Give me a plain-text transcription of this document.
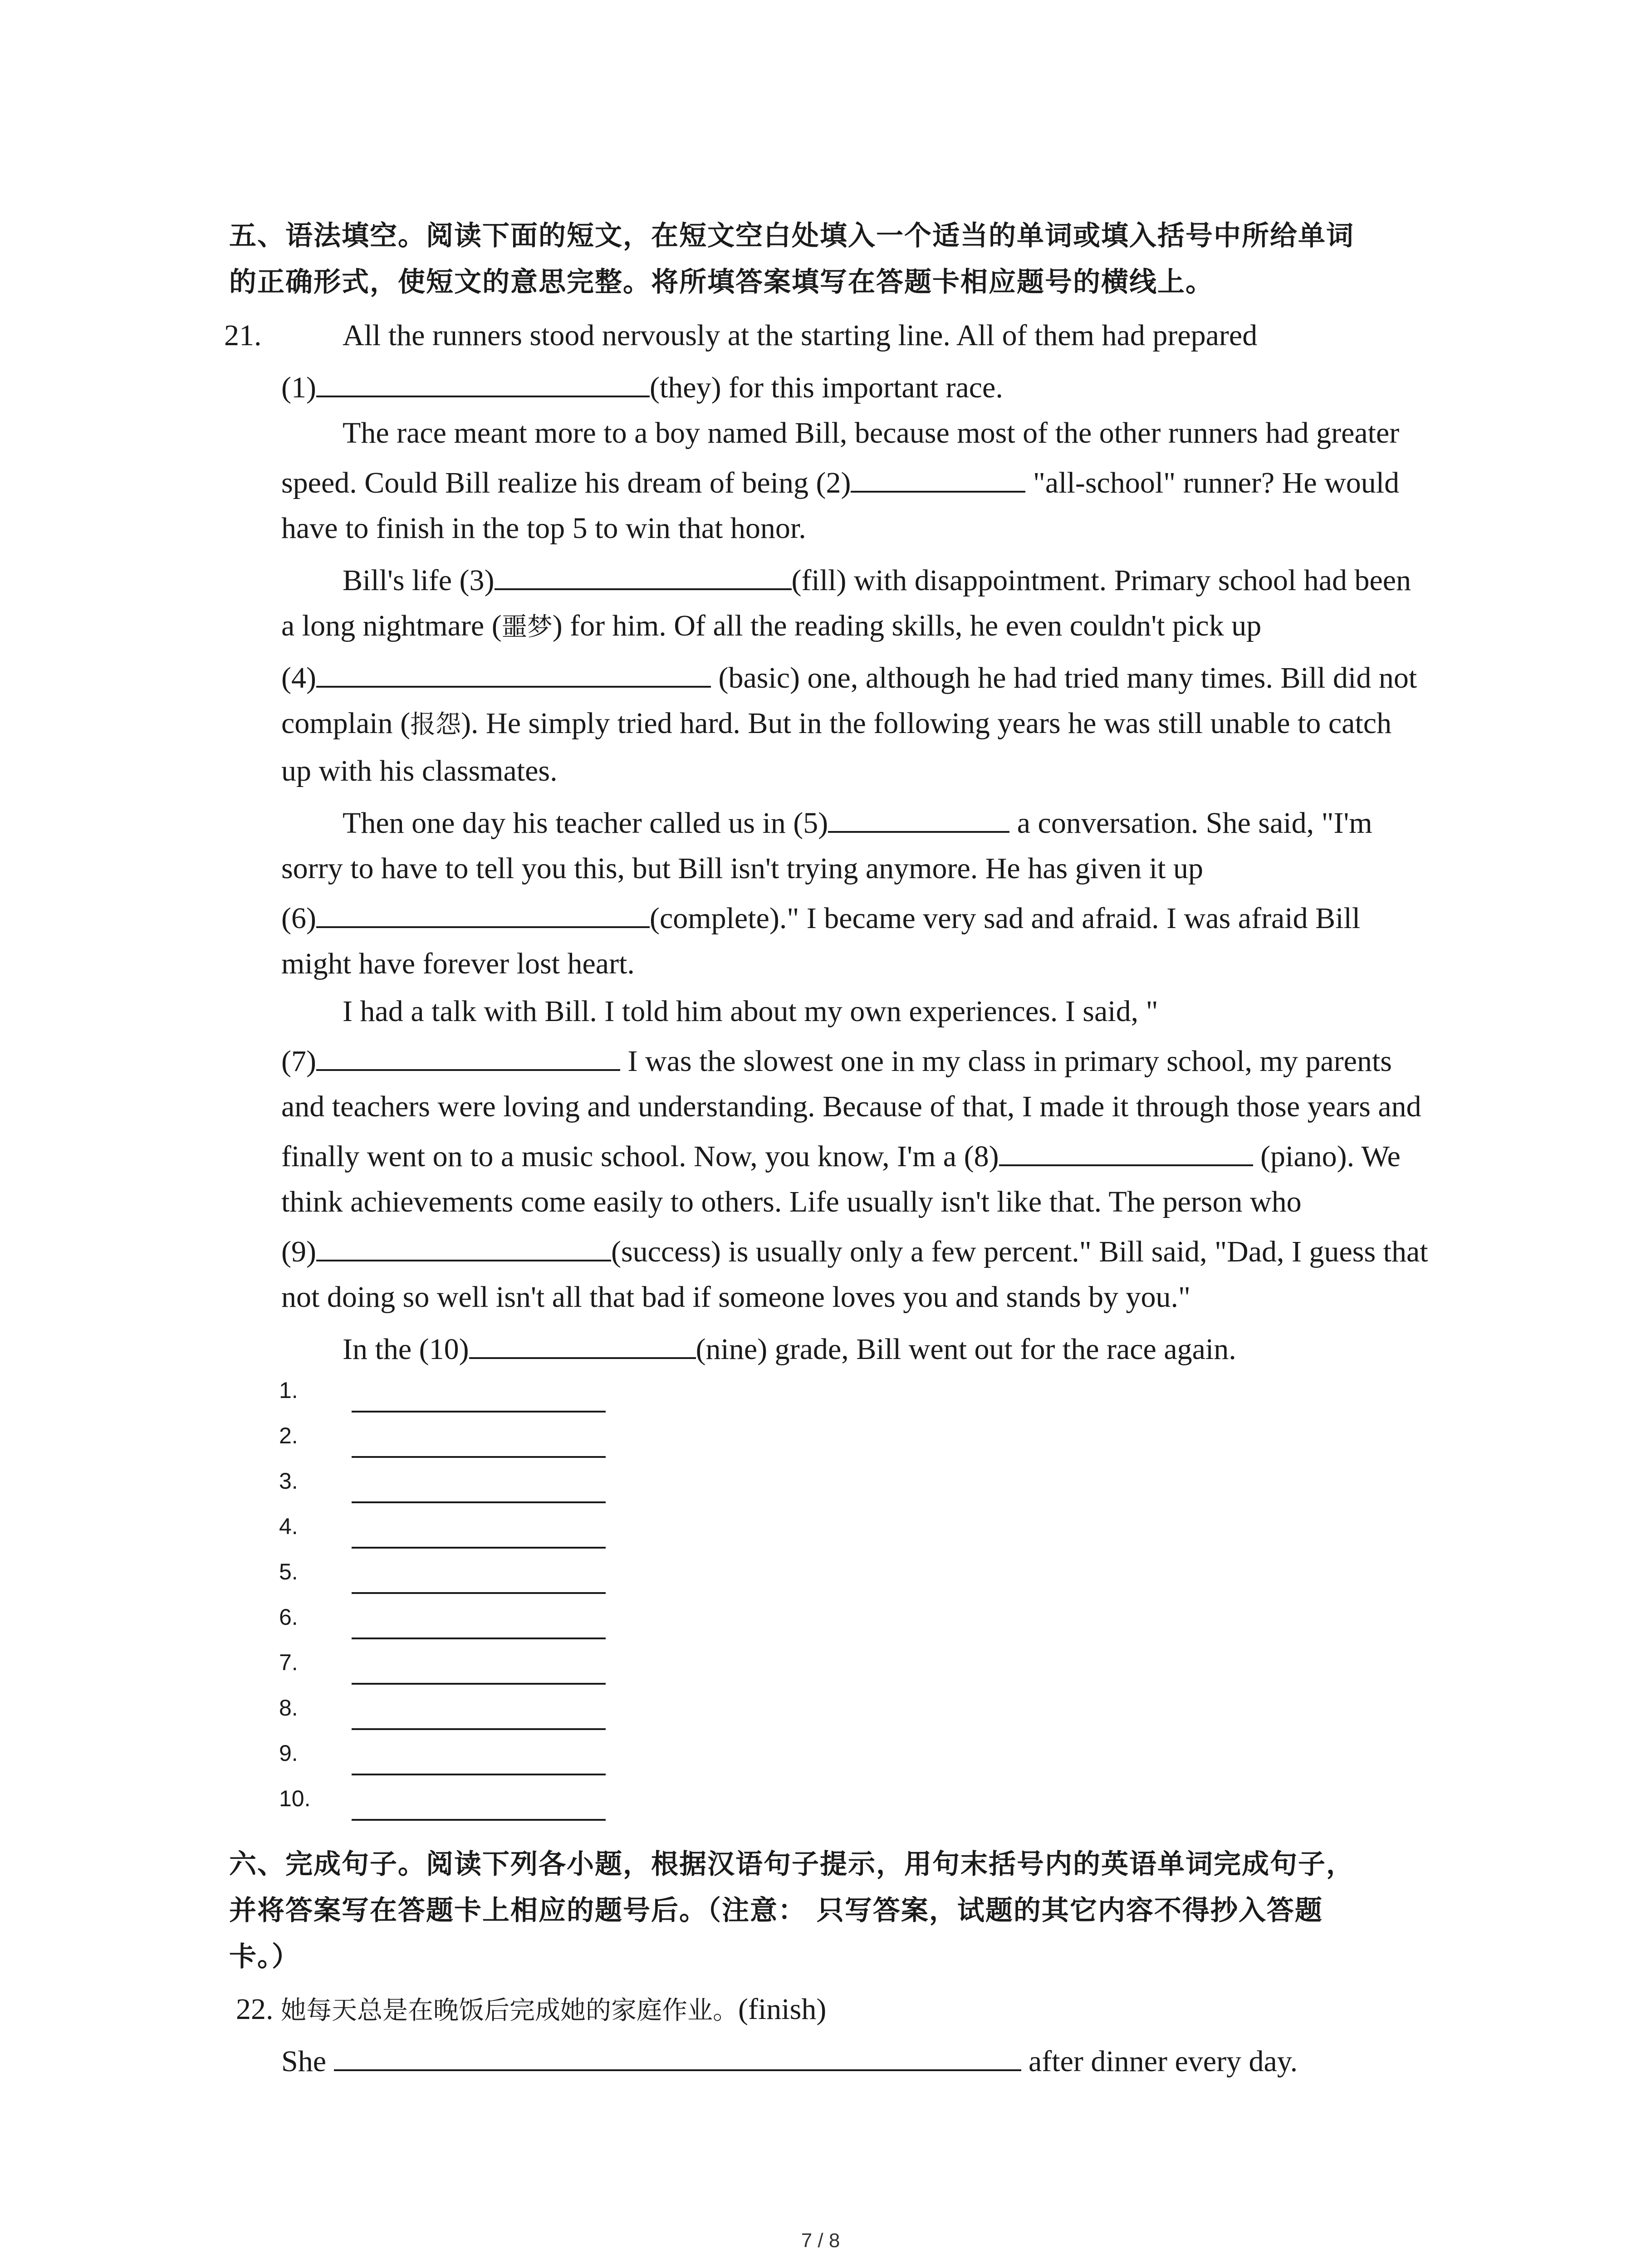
五、语法填空。阅读下面的短文，在短文空白处填入一个适当的单词或填入括号中所给单词
的正确形式，使短文的意思完整。将所填答案填写在答题卡相应题号的横线上。
21.	All the runners stood nervously at the starting line. All of them had prepared
(1)	(they) for this important race.
The race meant more to a boy named Bill, because most of the other runners had greater
speed. Could Bill realize his dream of being (2)	"all-school" runner? He would
have to finish in the top 5 to win that honor.
Bill's life (3)	(fill) with disappointment. Primary school had been
a long nightmare (噩梦) for him. Of all the reading skills, he even couldn't pick up
(4)	(basic) one, although he had tried many times. Bill did not
complain (报怨). He simply tried hard. But in the following years he was still unable to catch
up with his classmates.
Then one day his teacher called us in (5)	a conversation. She said, "I'm
sorry to have to tell you this, but Bill isn't trying anymore. He has given it up
(6)	(complete)." I became very sad and afraid. I was afraid Bill
might have forever lost heart.
I had a talk with Bill. I told him about my own experiences. I said, "
(7)	I was the slowest one in my class in primary school, my parents
and teachers were loving and understanding. Because of that, I made it through those years and
finally went on to a music school. Now, you know, I'm a (8)	(piano). We
think achievements come easily to others. Life usually isn't like that. The person who
(9)	(success) is usually only a few percent." Bill said, "Dad, I guess that
not doing so well isn't all that bad if someone loves you and stands by you."
In the (10)	(nine) grade, Bill went out for the race again.
1.
2.
3.
4.
5.
6.
7.
8.
9.
10.
六、完成句子。阅读下列各小题，根据汉语句子提示，用句末括号内的英语单词完成句子，
并将答案写在答题卡上相应的题号后。（注意： 只写答案，试题的其它内容不得抄入答题
卡。）
22. 她每天总是在晚饭后完成她的家庭作业。(finish)
She	after dinner every day.
7 / 8
